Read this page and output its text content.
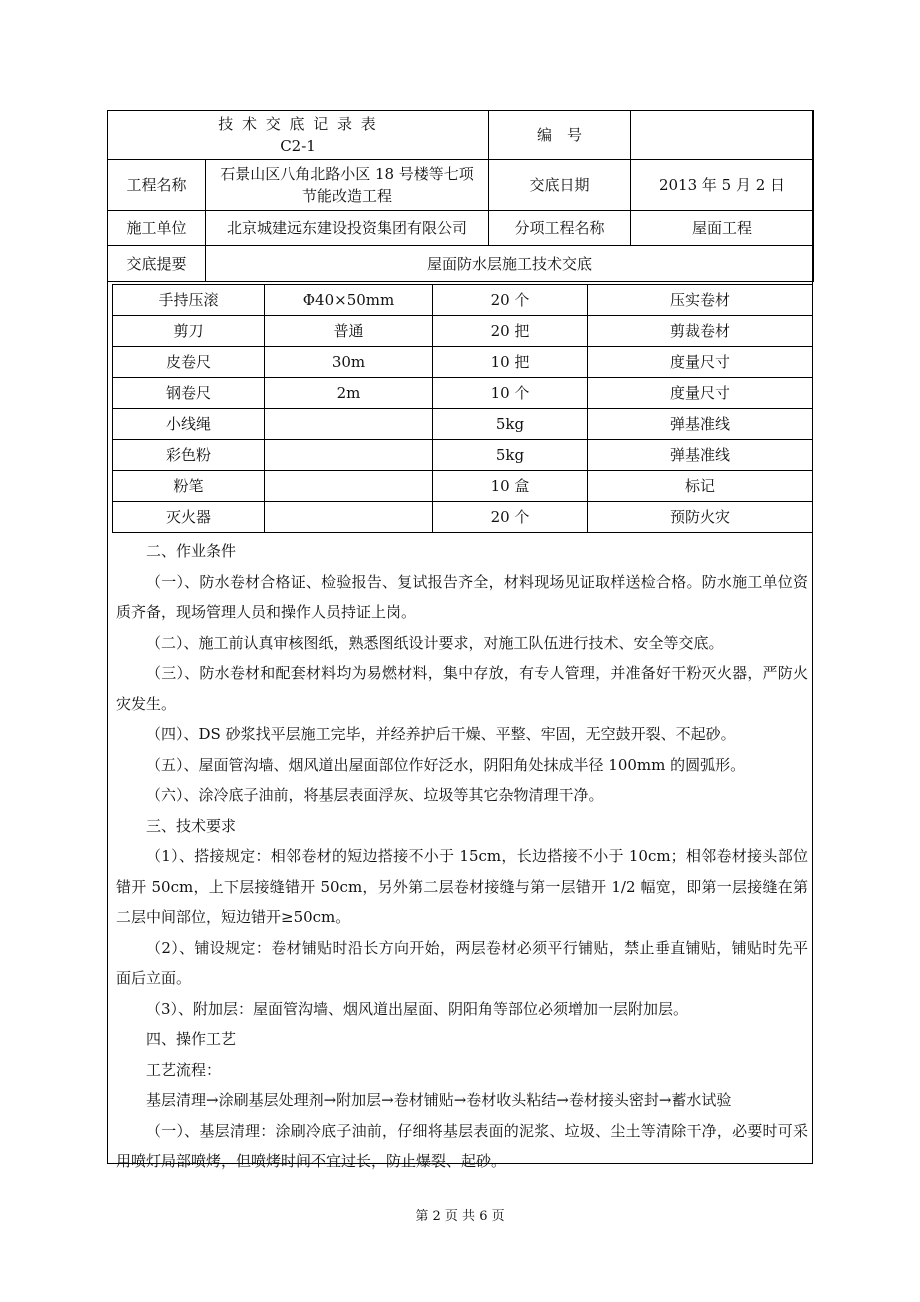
技 术 交 底 记 录 表
C2-1		编　号	
工程名称	石景山区八角北路小区 18 号楼等七项节能改造工程	交底日期	2013 年 5 月 2 日
施工单位	北京城建远东建设投资集团有限公司	分项工程名称	屋面工程
交底提要	屋面防水层施工技术交底		
手持压滚	Φ40×50mm	20 个	压实卷材
剪刀	普通	20 把	剪裁卷材
皮卷尺	30m	10 把	度量尺寸
钢卷尺	2m	10 个	度量尺寸
小线绳		5kg	弹基准线
彩色粉		5kg	弹基准线
粉笔		10 盒	标记
灭火器		20 个	预防火灾

二、作业条件

（一）、防水卷材合格证、检验报告、复试报告齐全，材料现场见证取样送检合格。防水施工单位资质齐备，现场管理人员和操作人员持证上岗。

（二）、施工前认真审核图纸，熟悉图纸设计要求，对施工队伍进行技术、安全等交底。

（三）、防水卷材和配套材料均为易燃材料，集中存放，有专人管理，并准备好干粉灭火器，严防火灾发生。

（四）、DS 砂浆找平层施工完毕，并经养护后干燥、平整、牢固，无空鼓开裂、不起砂。

（五）、屋面管沟墙、烟风道出屋面部位作好泛水，阴阳角处抹成半径 100mm 的圆弧形。

（六）、涂冷底子油前，将基层表面浮灰、垃圾等其它杂物清理干净。

三、技术要求

（1）、搭接规定：相邻卷材的短边搭接不小于 15cm，长边搭接不小于 10cm；相邻卷材接头部位错开 50cm，上下层接缝错开 50cm，另外第二层卷材接缝与第一层错开 1/2 幅宽，即第一层接缝在第二层中间部位，短边错开≥50cm。

（2）、铺设规定：卷材铺贴时沿长方向开始，两层卷材必须平行铺贴，禁止垂直铺贴，铺贴时先平面后立面。

（3）、附加层：屋面管沟墙、烟风道出屋面、阴阳角等部位必须增加一层附加层。

四、操作工艺

工艺流程：

基层清理→涂刷基层处理剂→附加层→卷材铺贴→卷材收头粘结→卷材接头密封→蓄水试验

（一）、基层清理：涂刷冷底子油前，仔细将基层表面的泥浆、垃圾、尘土等清除干净，必要时可采用喷灯局部喷烤，但喷烤时间不宜过长，防止爆裂、起砂。

第 2 页 共 6 页
